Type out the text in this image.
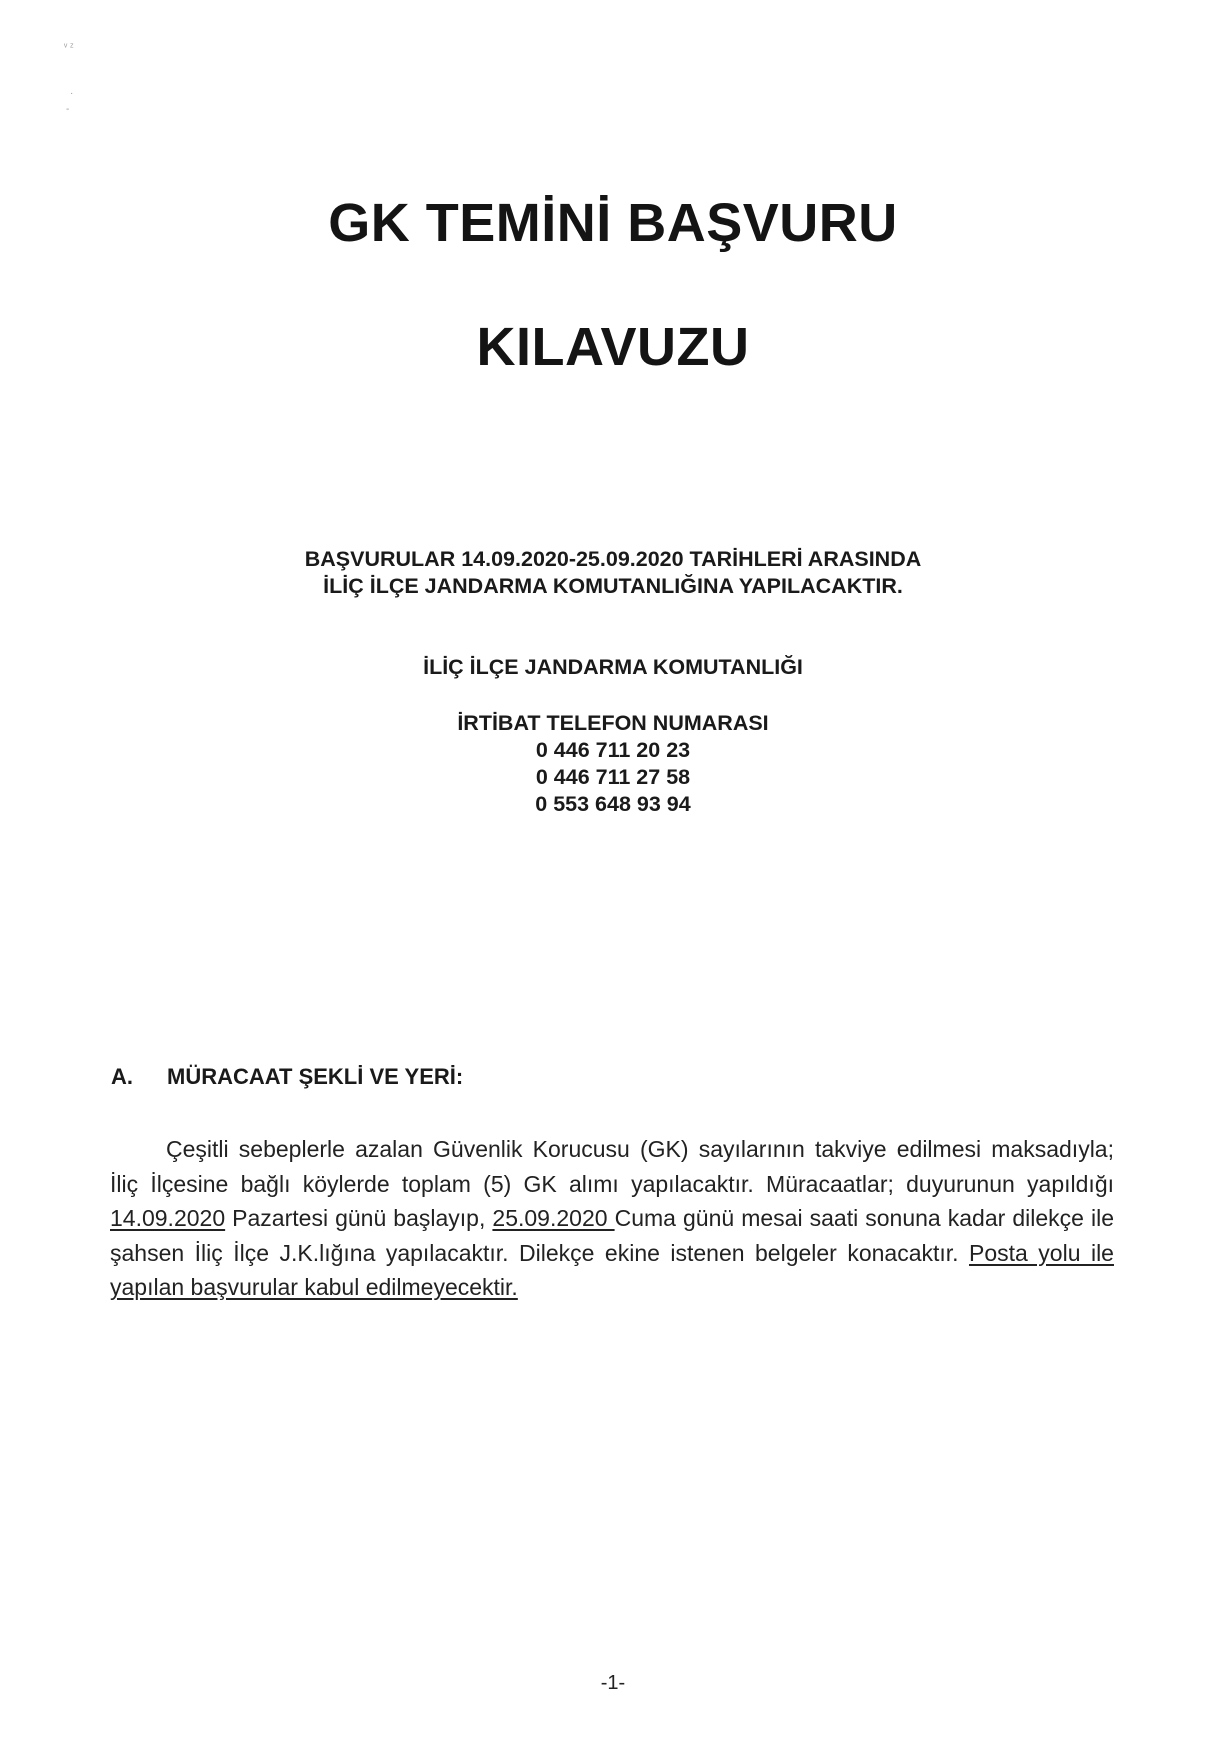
ᵛ ᶻ
·
‑
GK TEMİNİ BAŞVURU
KILAVUZU
BAŞVURULAR 14.09.2020-25.09.2020 TARİHLERİ ARASINDA
İLİÇ İLÇE JANDARMA KOMUTANLIĞINA YAPILACAKTIR.
İLİÇ İLÇE JANDARMA KOMUTANLIĞI
İRTİBAT TELEFON NUMARASI
0 446 711 20 23
0 446 711 27 58
0 553 648 93 94
A. MÜRACAAT ŞEKLİ VE YERİ:
Çeşitli sebeplerle azalan Güvenlik Korucusu (GK) sayılarının takviye edilmesi maksadıyla; İliç İlçesine bağlı köylerde toplam (5) GK alımı yapılacaktır. Müracaatlar; duyurunun yapıldığı 14.09.2020 Pazartesi günü başlayıp, 25.09.2020 Cuma günü mesai saati sonuna kadar dilekçe ile şahsen İliç İlçe J.K.lığına yapılacaktır. Dilekçe ekine istenen belgeler konacaktır. Posta yolu ile yapılan başvurular kabul edilmeyecektir.
-1-
